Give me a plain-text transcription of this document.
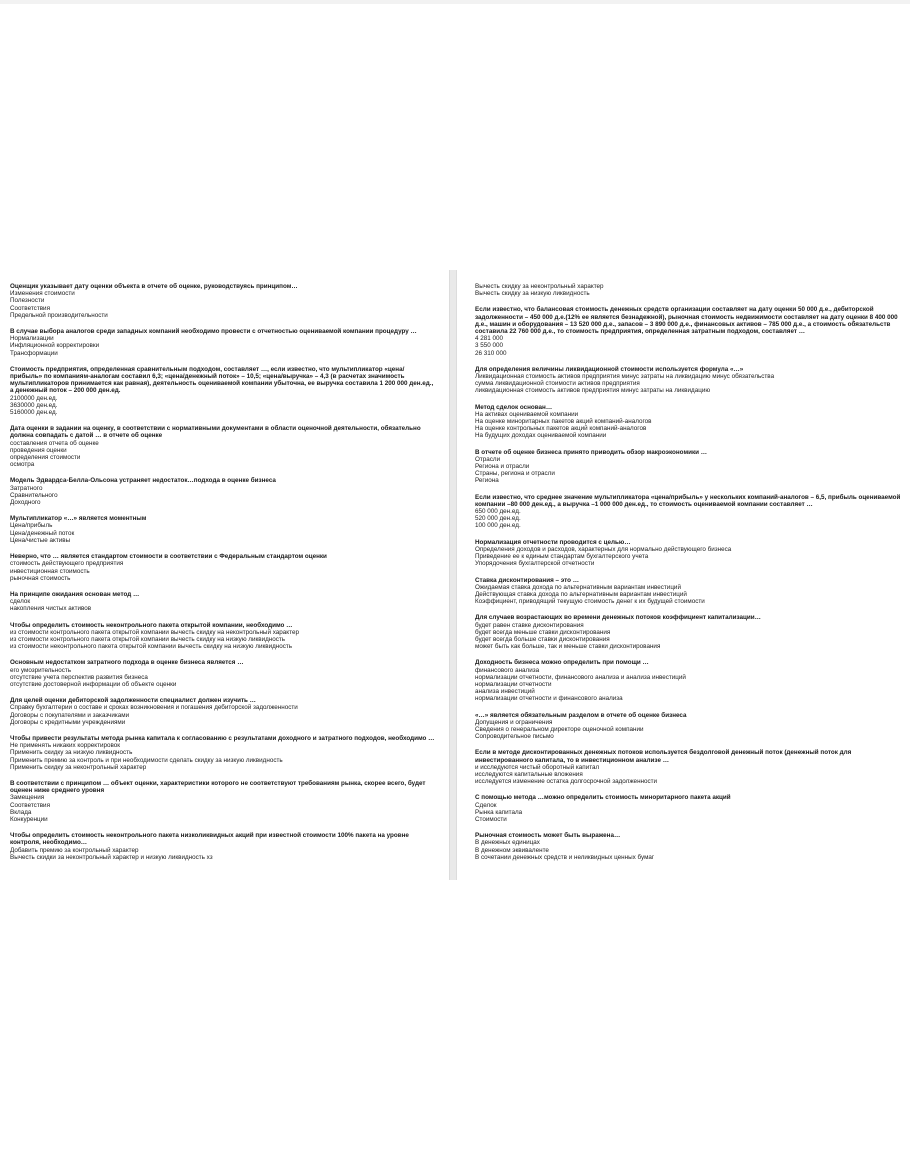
Оценщик указывает дату оценки объекта в отчете об оценке, руководствуясь принципом…

Изменения стоимости

Полезности

Соответствия

Предельной производительности

В случае выбора аналогов среди западных компаний необходимо провести с отчетностью оцениваемой компании процедуру …

Нормализации

Инфляционной корректировки

Трансформации

Стоимость предприятия, определенная сравнительным подходом, составляет …, если известно, что мультипликатор «цена/прибыль» по компаниям-аналогам составил 6,3; «цена/денежный поток» – 10,5; «цена/выручка» – 4,3 (в расчетах значимость мультипликаторов принимается как равная), деятельность оцениваемой компании убыточна, ее выручка составила 1 200 000 ден.ед., а денежный поток – 200 000 ден.ед.

2100000 ден.ед.

3630000 ден.ед.

5160000 ден.ед.

Дата оценки в задании на оценку, в соответствии с нормативными документами в области оценочной деятельности, обязательно должна совпадать с датой … в отчете об оценке

составления отчета об оценке

проведения оценки

определения стоимости

осмотра

Модель Эдвардса-Белла-Ольсона устраняет недостаток…подхода в оценке бизнеса

Затратного

Сравнительного

Доходного

Мультипликатор «…» является моментным

Цена/прибыль

Цена/денежный поток

Цена/чистые активы

Неверно, что … является стандартом стоимости в соответствии с Федеральным стандартом оценки

стоимость действующего предприятия

инвестиционная стоимость

рыночная стоимость

На принципе ожидания основан метод …

сделок

накопления чистых активов

Чтобы определить стоимость неконтрольного пакета открытой компании, необходимо …

из стоимости контрольного пакета открытой компании вычесть скидку на неконтрольный характер

из стоимости контрольного пакета открытой компании вычесть скидку на низкую ликвидность

из стоимости неконтрольного пакета открытой компании вычесть скидку на низкую ликвидность

Основным недостатком затратного подхода в оценке бизнеса является …

его умозрительность

отсутствие учета перспектив развития бизнеса

отсутствие достоверной информации об объекте оценки

Для целей оценки дебиторской задолженности специалист должен изучить …

Справку бухгалтерии о составе и сроках возникновения и погашения дебиторской задолженности

Договоры с покупателями и заказчиками

Договоры с кредитными учреждениями

Чтобы привести результаты метода рынка капитала к согласованию с результатами доходного и затратного подходов, необходимо …

Не применять никаких корректировок

Применить скидку за низкую ликвидность

Применить премию за контроль и при необходимости сделать скидку за низкую ликвидность

Применить скидку за неконтрольный характер

В соответствии с принципом … объект оценки, характеристики которого не соответствуют требованиям рынка, скорее всего, будет оценен ниже среднего уровня

Замещения

Соответствия

Вклада

Конкуренции

Чтобы определить стоимость неконтрольного пакета низколиквидных акций при известной стоимости 100% пакета на уровне контроля, необходимо…

Добавить премию за контрольный характер

Вычесть скидки за неконтрольный характер и низкую ликвидность хз

Вычесть скидку за неконтрольный характер

Вычесть скидку за низкую ликвидность

Если известно, что балансовая стоимость денежных средств организации составляет на дату оценки 50 000 д.е., дебиторской задолженности – 450 000 д.е.(12% ее является безнадежной), рыночная стоимость недвижимости составляет на дату оценки 8 400 000 д.е., машин и оборудования – 13 520 000 д.е., запасов – 3 890 000 д.е., финансовых активов – 785 000 д.е., а стоимость обязательств составила 22 760 000 д.е., то стоимость предприятия, определенная затратным подходом, составляет …

4 281 000

3 550 000

26 310 000

Для определения величины ликвидационной стоимости используется формула «…»

Ликвидационная стоимость активов предприятия минус затраты на ликвидацию минус обязательства

сумма ликвидационной стоимости активов предприятия

ликвидационная стоимость активов предприятия минус затраты на ликвидацию

Метод сделок основан…

На активах оцениваемой компании

На оценке миноритарных пакетов акций компаний-аналогов

На оценке контрольных пакетов акций компаний-аналогов

На будущих доходах оцениваемой компании

В отчете об оценке бизнеса принято приводить обзор макроэкономики …

Отрасли

Региона и отрасли

Страны, региона и отрасли

Региона

Если известно, что среднее значение мультипликатора «цена/прибыль» у нескольких компаний-аналогов – 6,5, прибыль оцениваемой компании –80 000 ден.ед., а выручка –1 000 000 ден.ед., то стоимость оцениваемой компании составляет …

650 000 ден.ед.

520 000 ден.ед.

100 000 ден.ед.

Нормализация отчетности проводится с целью…

Определения доходов и расходов, характерных для нормально действующего бизнеса

Приведение ее к единым стандартам бухгалтерского учета

Упорядочения бухгалтерской отчетности

Ставка дисконтирования – это …

Ожидаемая ставка дохода по альтернативным вариантам инвестиций

Действующая ставка дохода по альтернативным вариантам инвестиций

Коэффициент, приводящий текущую стоимость денег к их будущей стоимости

Для случаев возрастающих во времени денежных потоков коэффициент капитализации…

будет равен ставке дисконтирования

будет всегда меньше ставки дисконтирования

будет всегда больше ставки дисконтирования

может быть как больше, так и меньше ставки дисконтирования

Доходность бизнеса можно определить при помощи …

финансового анализа

нормализации отчетности, финансового анализа и анализа инвестиций

нормализации отчетности

анализа инвестиций

нормализации отчетности и финансового анализа

«…» является обязательным разделом в отчете об оценке бизнеса

Допущения и ограничения

Сведения о генеральном директоре оценочной компании

Сопроводительное письмо

Если в методе дисконтированных денежных потоков используется бездолговой денежный поток (денежный поток для инвестированного капитала, то в инвестиционном анализе …

и исследуются чистый оборотный капитал

исследуются капитальные вложения

исследуется изменение остатка долгосрочной задолженности

С помощью метода …можно определить стоимость миноритарного пакета акций

Сделок

Рынка капитала

Стоимости

Рыночная стоимость может быть выражена…

В денежных единицах

В денежном эквиваленте

В сочетании денежных средств и неликвидных ценных бумаг
